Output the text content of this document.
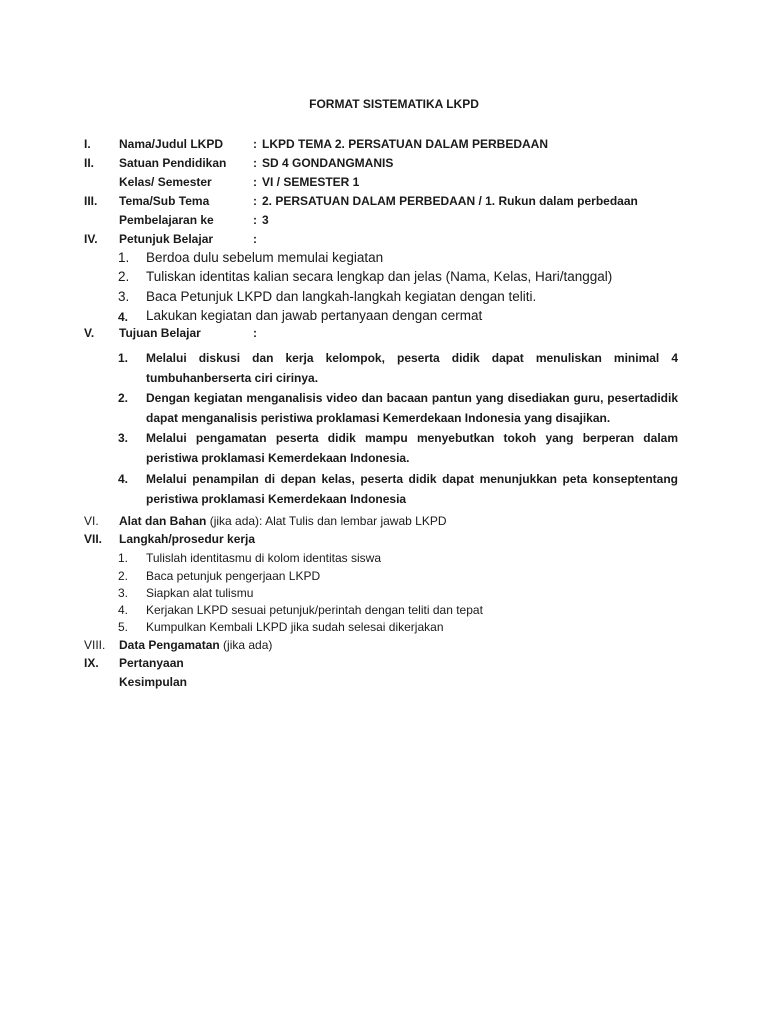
FORMAT SISTEMATIKA LKPD
I. Nama/Judul LKPD : LKPD TEMA 2. PERSATUAN DALAM PERBEDAAN
II. Satuan Pendidikan : SD 4 GONDANGMANIS
Kelas/ Semester	: VI / SEMESTER 1
III. Tema/Sub Tema	: 2. PERSATUAN DALAM PERBEDAAN / 1. Rukun dalam perbedaan
Pembelajaran ke	: 3
IV. Petunjuk Belajar	:
1. Berdoa dulu sebelum memulai kegiatan
2. Tuliskan identitas kalian secara lengkap dan jelas (Nama, Kelas, Hari/tanggal)
3. Baca Petunjuk LKPD dan langkah-langkah kegiatan dengan teliti.
4. Lakukan kegiatan dan jawab pertanyaan dengan cermat
V. Tujuan Belajar	:
1. Melalui diskusi dan kerja kelompok, peserta didik dapat menuliskan minimal 4 tumbuhanberserta ciri cirinya.
2. Dengan kegiatan menganalisis video dan bacaan pantun yang disediakan guru, pesertadidik dapat menganalisis peristiwa proklamasi Kemerdekaan Indonesia yang disajikan.
3. Melalui pengamatan peserta didik mampu menyebutkan tokoh yang berperan dalam peristiwa proklamasi Kemerdekaan Indonesia.
4. Melalui penampilan di depan kelas, peserta didik dapat menunjukkan peta konseptentang peristiwa proklamasi Kemerdekaan Indonesia
VI. Alat dan Bahan (jika ada): Alat Tulis dan lembar jawab LKPD
VII. Langkah/prosedur kerja
1. Tulislah identitasmu di kolom identitas siswa
2. Baca petunjuk pengerjaan LKPD
3. Siapkan alat tulismu
4. Kerjakan LKPD sesuai petunjuk/perintah dengan teliti dan tepat
5. Kumpulkan Kembali LKPD jika sudah selesai dikerjakan
VIII. Data Pengamatan (jika ada)
IX. Pertanyaan
Kesimpulan
